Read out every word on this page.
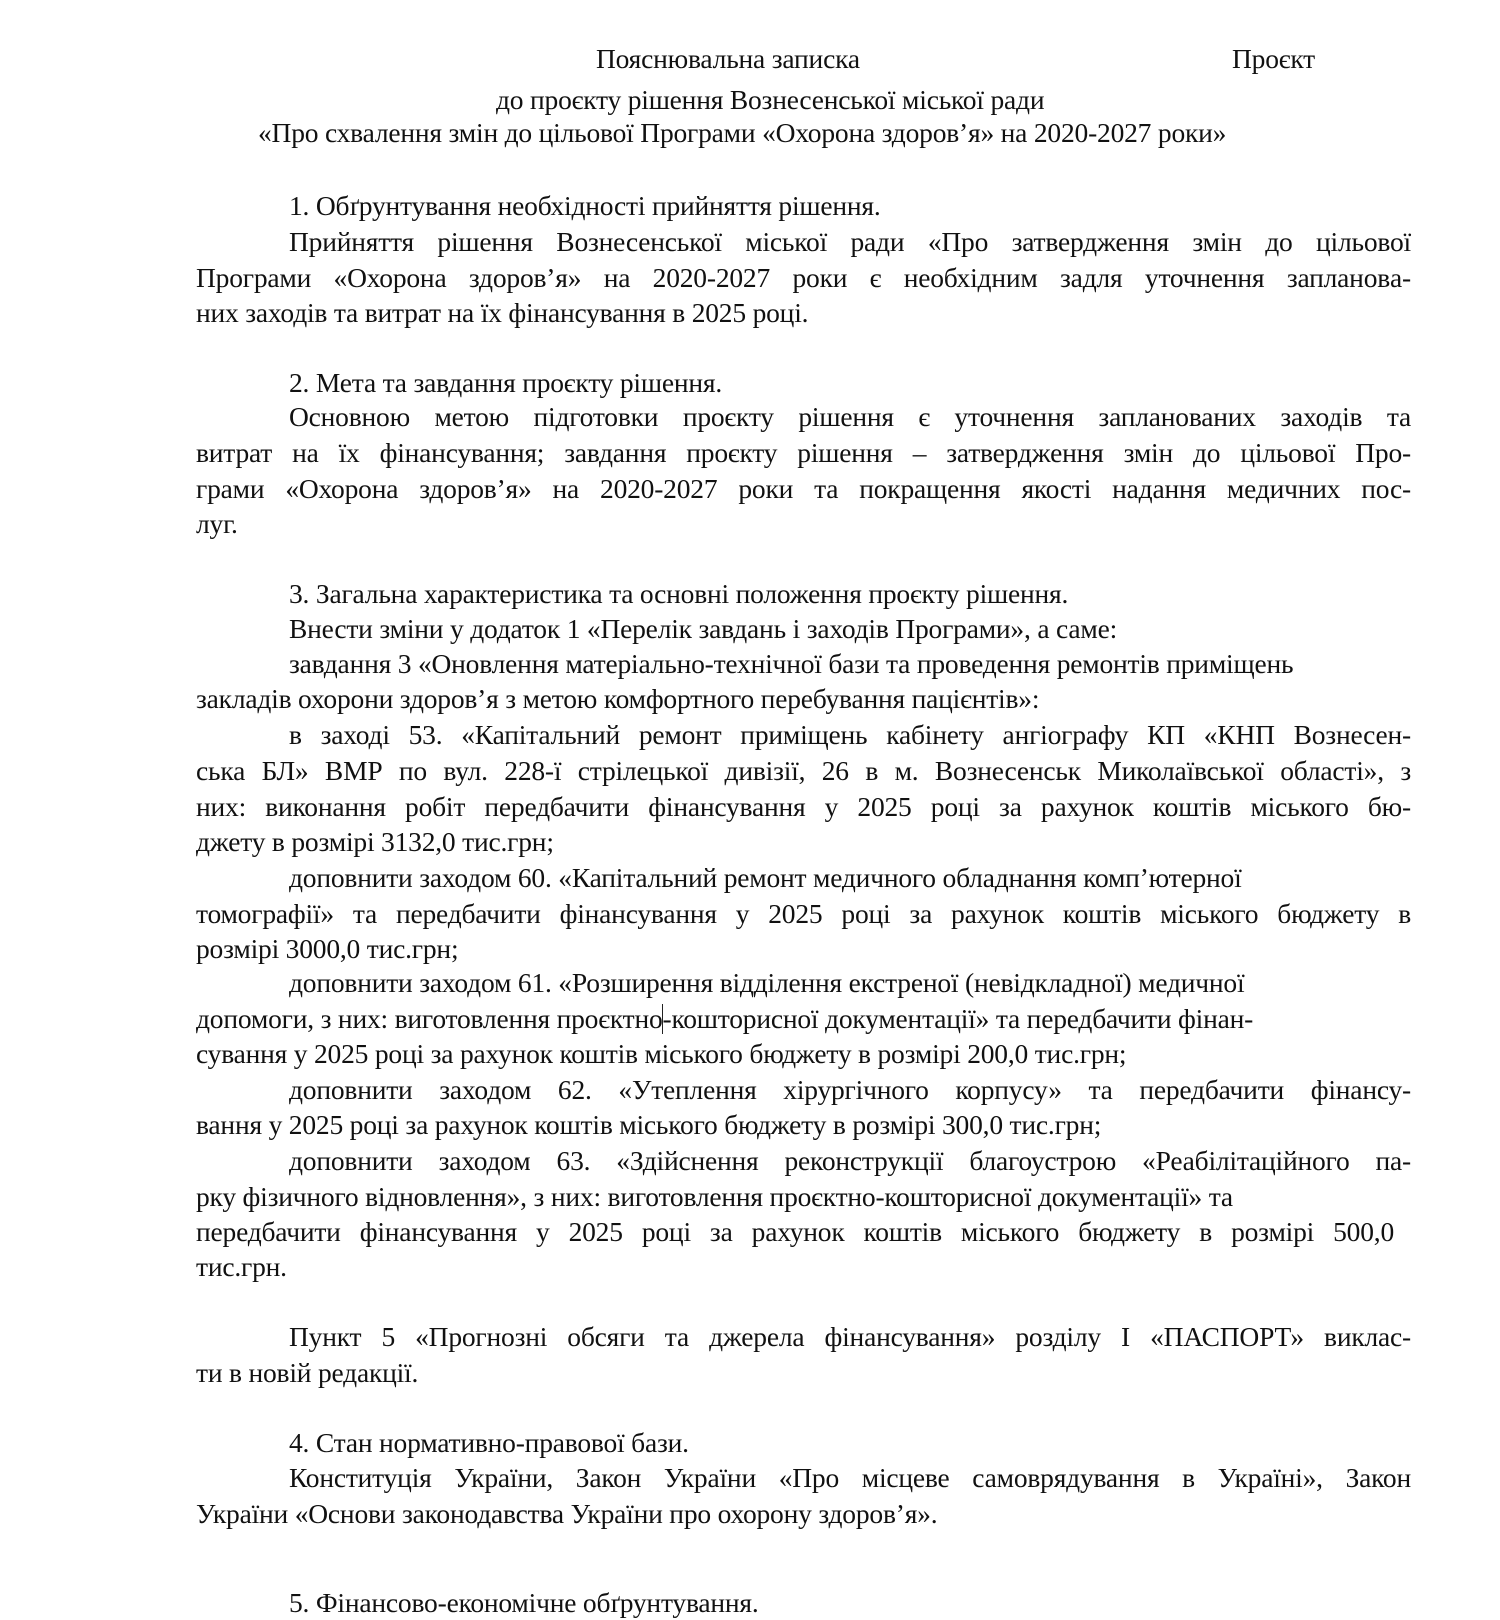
Пояснювальна записка	Проєкт
до проєкту рішення Вознесенської міської ради
«Про схвалення змін до цільової Програми «Охорона здоров’я» на 2020-2027 роки»
1. Обґрунтування необхідності прийняття рішення.
Прийняття рішення Вознесенської міської ради «Про затвердження змін до цільової
Програми «Охорона здоров’я» на 2020-2027 роки є необхідним задля уточнення заплановa-
них заходів та витрат на їх фінансування в 2025 році.
2. Мета та завдання проєкту рішення.
Основною метою підготовки проєкту рішення є уточнення запланованих заходів та
витрат на їх фінансування; завдання проєкту рішення – затвердження змін до цільової Про-
грами «Охорона здоров’я» на 2020-2027 роки та покращення якості надання медичних пос-
луг.
3. Загальна характеристика та основні положення проєкту рішення.
Внести зміни у додаток 1 «Перелік завдань і заходів Програми», а саме:
завдання 3 «Оновлення матеріально-технічної бази та проведення ремонтів приміщень
закладів охорони здоров’я з метою комфортного перебування пацієнтів»:
в заході 53. «Капітальний ремонт приміщень кабінету ангіографу КП «КНП Вознесен-
ська БЛ» ВМР по вул. 228-ї стрілецької дивізії, 26 в м. Вознесенськ Миколаївської області», з
них: виконання робіт передбачити фінансування у 2025 році за рахунок коштів міського бю-
джету в розмірі 3132,0 тис.грн;
доповнити заходом 60. «Капітальний ремонт медичного обладнання комп’ютерної
томографії» та передбачити фінансування у 2025 році за рахунок коштів міського бюджету в
розмірі 3000,0 тис.грн;
доповнити заходом 61. «Розширення відділення екстреної (невідкладної) медичної
допомоги, з них: виготовлення проєктно-кошторисної документації» та передбачити фінан-
сування у 2025 році за рахунок коштів міського бюджету в розмірі 200,0 тис.грн;
доповнити заходом 62. «Утеплення хірургічного корпусу» та передбачити фінансу-
вання у 2025 році за рахунок коштів міського бюджету в розмірі 300,0 тис.грн;
доповнити заходом 63. «Здійснення реконструкції благоустрою «Реабілітаційного па-
рку фізичного відновлення», з них: виготовлення проєктно-кошторисної документації» та
передбачити фінансування у 2025 році за рахунок коштів міського бюджету в розмірі 500,0
тис.грн.
Пункт 5 «Прогнозні обсяги та джерела фінансування» розділу І «ПАСПОРТ» виклас-
ти в новій редакції.
4. Стан нормативно-правової бази.
Конституція України, Закон України «Про місцеве самоврядування в Україні», Закон
України «Основи законодавства України про охорону здоров’я».
5. Фінансово-економічне обґрунтування.
